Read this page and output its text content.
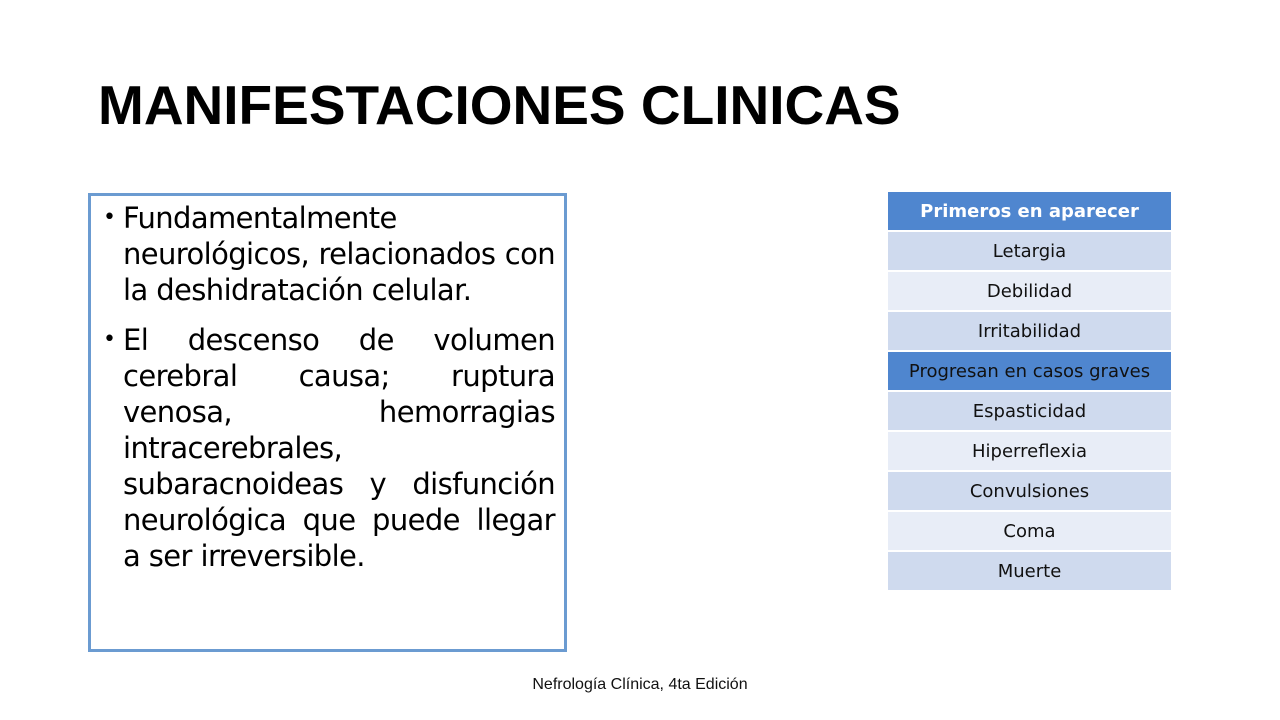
MANIFESTACIONES CLINICAS
• Fundamentalmente neurológicos, relacionados con la deshidratación celular.
• El descenso de volumen cerebral causa; ruptura venosa, hemorragias intracerebrales, subaracnoideas y disfunción neurológica que puede llegar a ser irreversible.
Primeros en aparecer
Letargia
Debilidad
Irritabilidad
Progresan en casos graves
Espasticidad
Hiperreflexia
Convulsiones
Coma
Muerte
Nefrología Clínica, 4ta Edición
